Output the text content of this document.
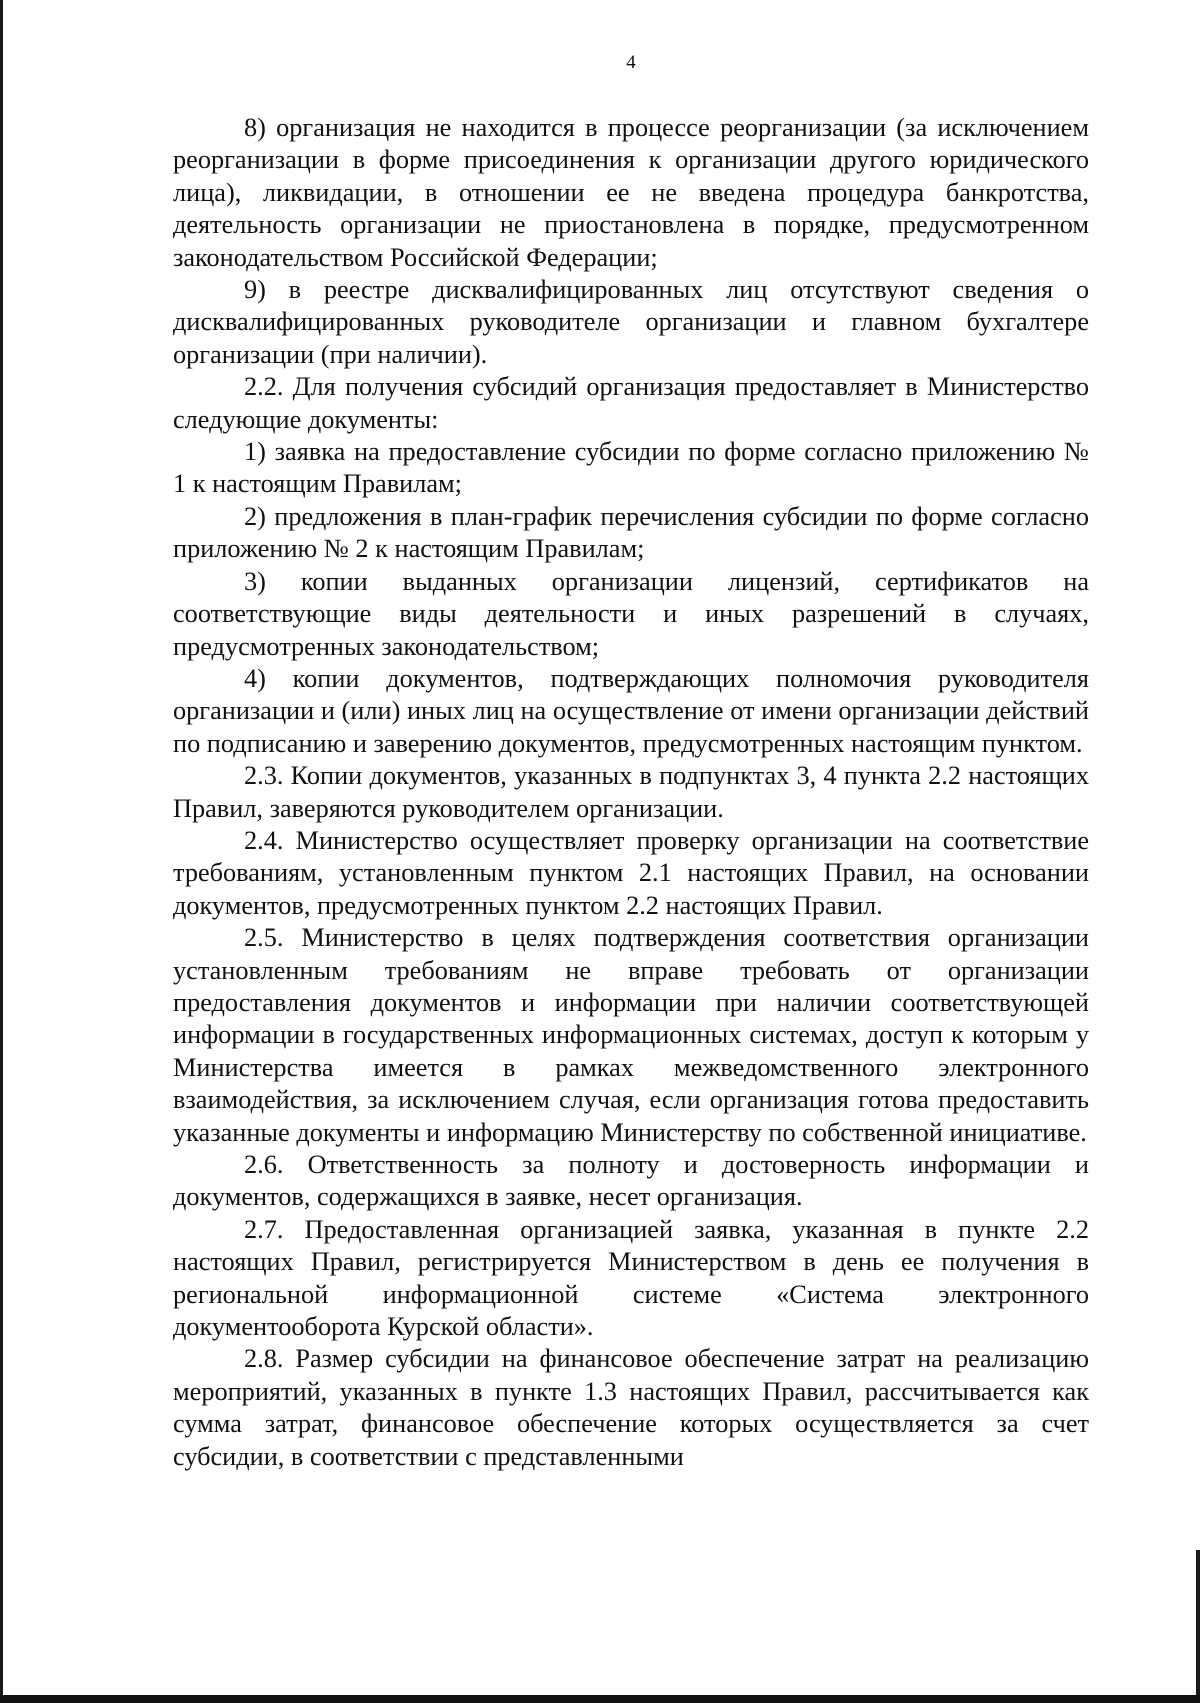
4

8) организация не находится в процессе реорганизации (за исключением реорганизации в форме присоединения к организации другого юридического лица), ликвидации, в отношении ее не введена процедура банкротства, деятельность организации не приостановлена в порядке, предусмотренном законодательством Российской Федерации;

9) в реестре дисквалифицированных лиц отсутствуют сведения о дисквалифицированных руководителе организации и главном бухгалтере организации (при наличии).

2.2. Для получения субсидий организация предоставляет в Министерство следующие документы:

1) заявка на предоставление субсидии по форме согласно приложению № 1 к настоящим Правилам;

2) предложения в план-график перечисления субсидии по форме согласно приложению № 2 к настоящим Правилам;

3) копии выданных организации лицензий, сертификатов на соответствующие виды деятельности и иных разрешений в случаях, предусмотренных законодательством;

4) копии документов, подтверждающих полномочия руководителя организации и (или) иных лиц на осуществление от имени организации действий по подписанию и заверению документов, предусмотренных настоящим пунктом.

2.3. Копии документов, указанных в подпунктах 3, 4 пункта 2.2 настоящих Правил, заверяются руководителем организации.

2.4. Министерство осуществляет проверку организации на соответствие требованиям, установленным пунктом 2.1 настоящих Правил, на основании документов, предусмотренных пунктом 2.2 настоящих Правил.

2.5. Министерство в целях подтверждения соответствия организации установленным требованиям не вправе требовать от организации предоставления документов и информации при наличии соответствующей информации в государственных информационных системах, доступ к которым у Министерства имеется в рамках межведомственного электронного взаимодействия, за исключением случая, если организация готова предоставить указанные документы и информацию Министерству по собственной инициативе.

2.6. Ответственность за полноту и достоверность информации и документов, содержащихся в заявке, несет организация.

2.7. Предоставленная организацией заявка, указанная в пункте 2.2 настоящих Правил, регистрируется Министерством в день ее получения в региональной информационной системе «Система электронного документооборота Курской области».

2.8. Размер субсидии на финансовое обеспечение затрат на реализацию мероприятий, указанных в пункте 1.3 настоящих Правил, рассчитывается как сумма затрат, финансовое обеспечение которых осуществляется за счет субсидии, в соответствии с представленными
